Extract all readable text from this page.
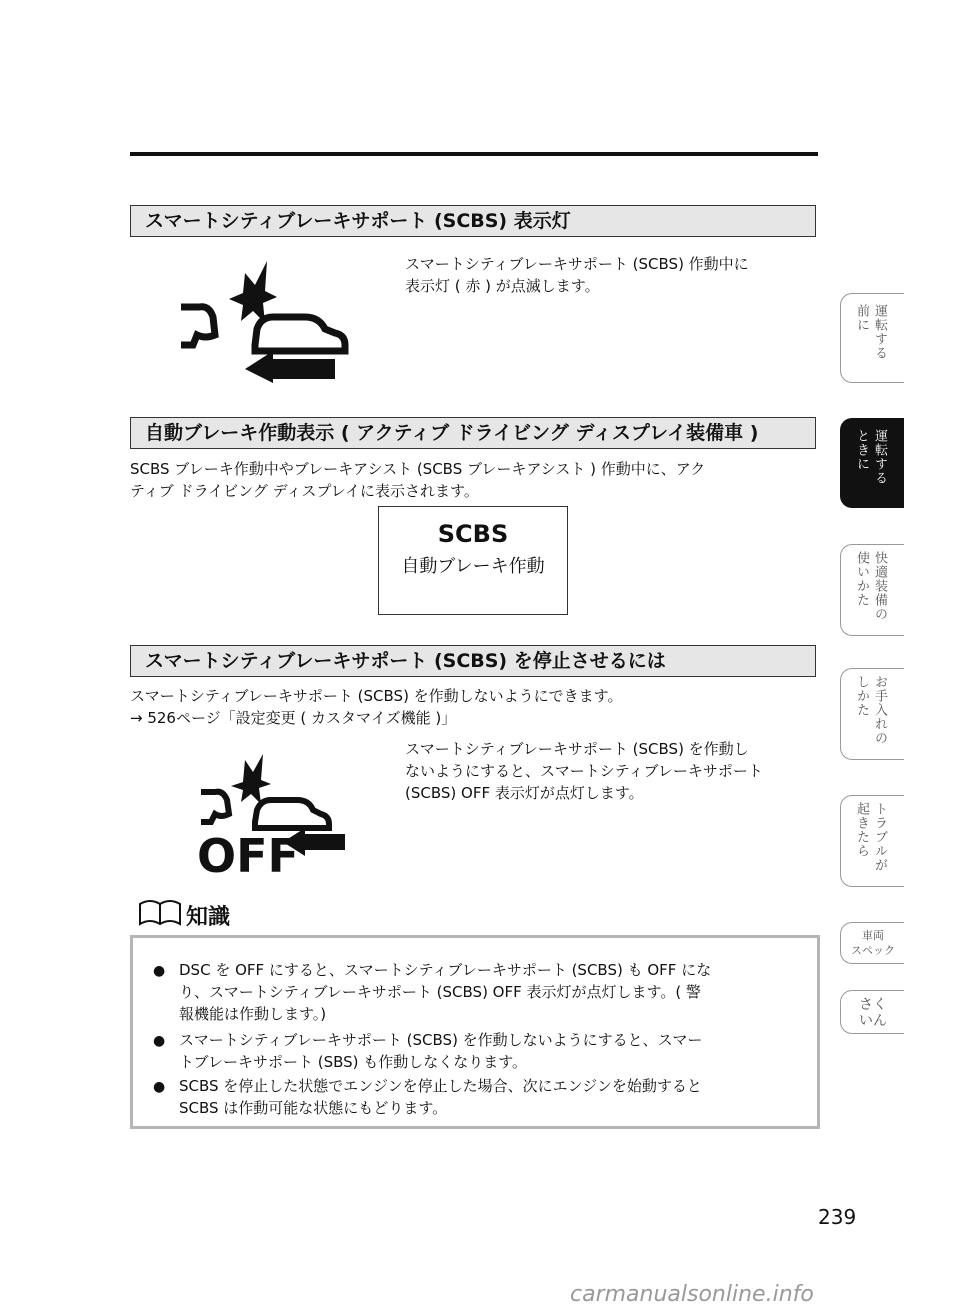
スマートシティブレーキサポート (SCBS) 表示灯
スマートシティブレーキサポート (SCBS) 作動中に
表示灯 ( 赤 ) が点滅します。
自動ブレーキ作動表示 ( アクティブ ドライビング ディスプレイ装備車 )
SCBS ブレーキ作動中やブレーキアシスト (SCBS ブレーキアシスト ) 作動中に、アク
ティブ ドライビング ディスプレイに表示されます。
SCBS
自動ブレーキ作動
スマートシティブレーキサポート (SCBS) を停止させるには
スマートシティブレーキサポート (SCBS) を作動しないようにできます。
→ 526ページ「設定変更 ( カスタマイズ機能 )」
OFF
スマートシティブレーキサポート (SCBS) を作動し
ないようにすると、スマートシティブレーキサポート
(SCBS) OFF 表示灯が点灯します。
知識
● DSC を OFF にすると、スマートシティブレーキサポート (SCBS) も OFF にな
り、スマートシティブレーキサポート (SCBS) OFF 表示灯が点灯します。( 警
報機能は作動します。)
● スマートシティブレーキサポート (SCBS) を作動しないようにすると、スマー
トブレーキサポート (SBS) も作動しなくなります。
● SCBS を停止した状態でエンジンを停止した場合、次にエンジンを始動すると
SCBS は作動可能な状態にもどります。
運転する
前に
運転する
ときに
快適装備の
使いかた
お手入れの
しかた
トラブルが
起きたら
車両
スペック
さく
いん
239
carmanualsonline.info
